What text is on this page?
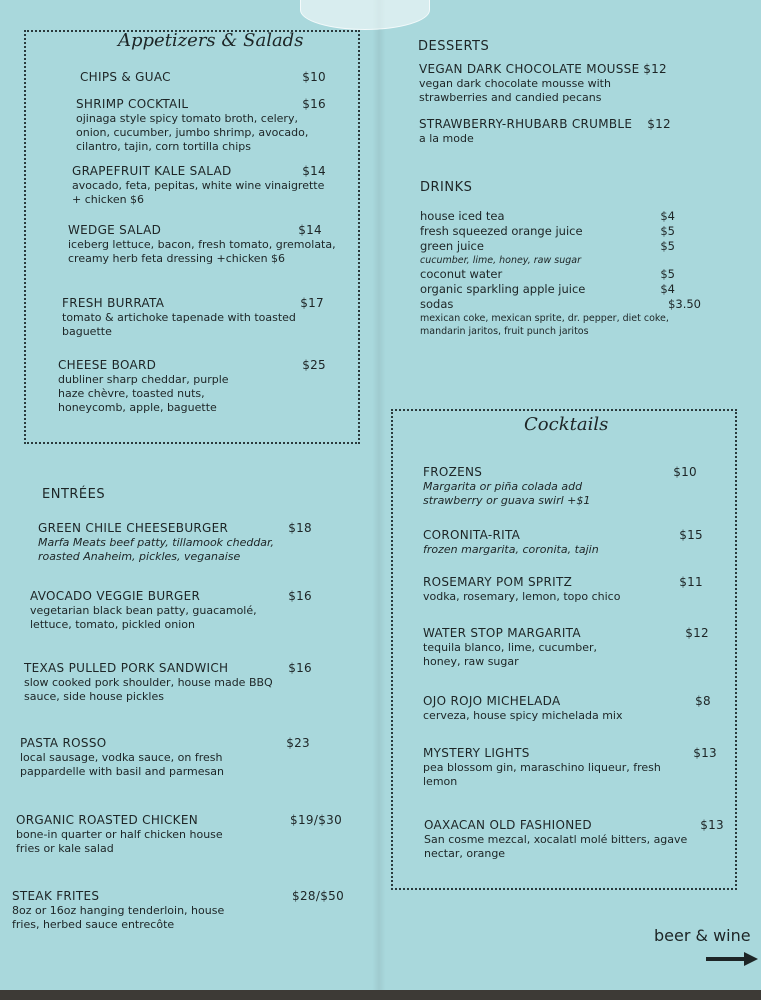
Appetizers & Salads
CHIPS & GUAC	$10
SHRIMP COCKTAIL	$16
ojinaga style spicy tomato broth, celery, onion, cucumber, jumbo shrimp, avocado, cilantro, tajin, corn tortilla chips
GRAPEFRUIT KALE SALAD	$14
avocado, feta, pepitas, white wine vinaigrette + chicken $6
WEDGE SALAD	$14
iceberg lettuce, bacon, fresh tomato, gremolata, creamy herb feta dressing +chicken $6
FRESH BURRATA	$17
tomato & artichoke tapenade with toasted baguette
CHEESE BOARD	$25
dubliner sharp cheddar, purple haze chèvre, toasted nuts, honeycomb, apple, baguette
ENTRÉES
GREEN CHILE CHEESEBURGER	$18
Marfa Meats beef patty, tillamook cheddar, roasted Anaheim, pickles, veganaise
AVOCADO VEGGIE BURGER	$16
vegetarian black bean patty, guacamolé, lettuce, tomato, pickled onion
TEXAS PULLED PORK SANDWICH	$16
slow cooked pork shoulder, house made BBQ sauce, side house pickles
PASTA ROSSO	$23
local sausage, vodka sauce, on fresh pappardelle with basil and parmesan
ORGANIC ROASTED CHICKEN	$19/$30
bone-in quarter or half chicken house fries or kale salad
STEAK FRITES	$28/$50
8oz or 16oz hanging tenderloin, house fries, herbed sauce entrecôte
DESSERTS
VEGAN DARK CHOCOLATE MOUSSE $12
vegan dark chocolate mousse with strawberries and candied pecans
STRAWBERRY-RHUBARB CRUMBLE $12
a la mode
DRINKS
house iced tea	$4
fresh squeezed orange juice	$5
green juice	$5
cucumber, lime, honey, raw sugar
coconut water	$5
organic sparkling apple juice	$4
sodas	$3.50
mexican coke, mexican sprite, dr. pepper, diet coke, mandarin jaritos, fruit punch jaritos
Cocktails
FROZENS	$10
Margarita or piña colada add strawberry or guava swirl +$1
CORONITA-RITA	$15
frozen margarita, coronita, tajin
ROSEMARY POM SPRITZ	$11
vodka, rosemary, lemon, topo chico
WATER STOP MARGARITA	$12
tequila blanco, lime, cucumber, honey, raw sugar
OJO ROJO MICHELADA	$8
cerveza, house spicy michelada mix
MYSTERY LIGHTS	$13
pea blossom gin, maraschino liqueur, fresh lemon
OAXACAN OLD FASHIONED	$13
San cosme mezcal, xocalatl molé bitters, agave nectar, orange
beer & wine
